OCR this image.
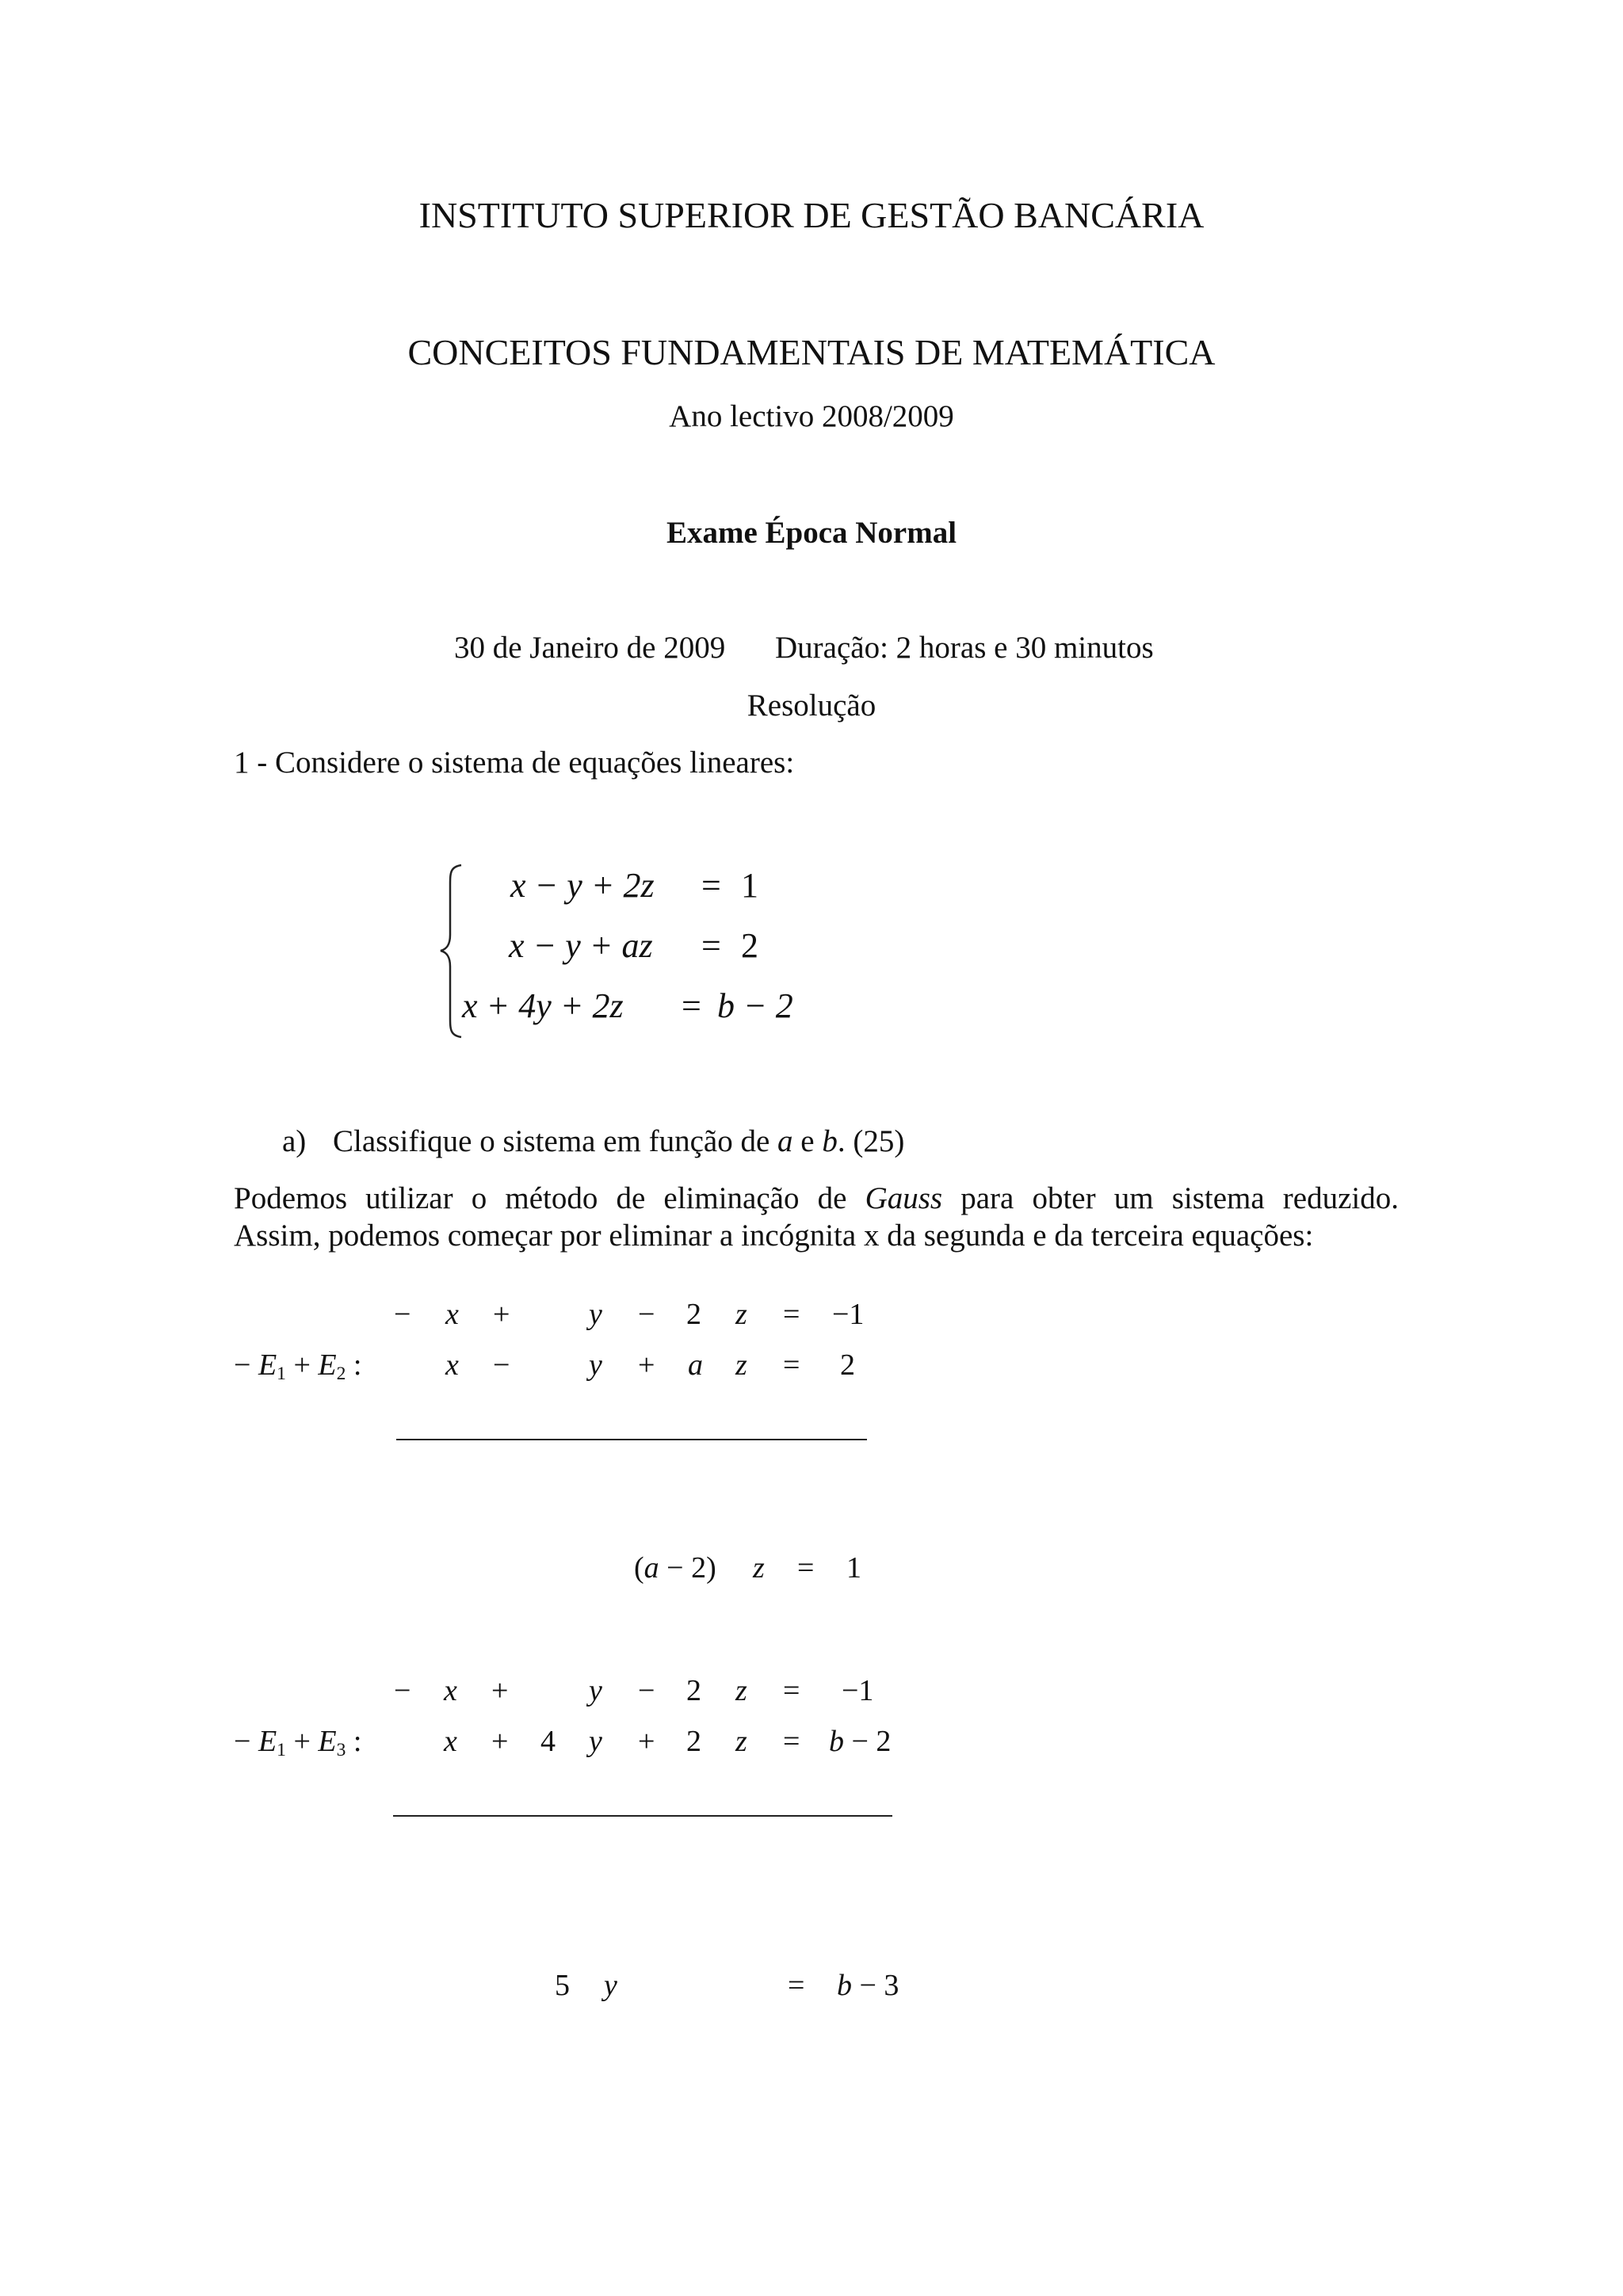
INSTITUTO SUPERIOR DE GESTÃO BANCÁRIA
CONCEITOS FUNDAMENTAIS DE MATEMÁTICA
Ano lectivo 2008/2009
Exame Época Normal
30 de Janeiro de 2009 Duração: 2 horas e 30 minutos
Resolução
1 - Considere o sistema de equações lineares:
x − y + 2z = 1
x − y + az = 2
x + 4y + 2z = b − 2
a) Classifique o sistema em função de a e b. (25)
Podemos utilizar o método de eliminação de Gauss para obter um sistema reduzido.
Assim, podemos começar por eliminar a incógnita x da segunda e da terceira equações:
− x +	y − 2 z = −1
− $E_1 + E_2$ :	x −	y + a z = 2
(a − 2) z = 1
− x +	y − 2 z = −1
− $E_1 + E_3$ :	x + 4 y + 2 z = b − 2
5 y	= b − 3
